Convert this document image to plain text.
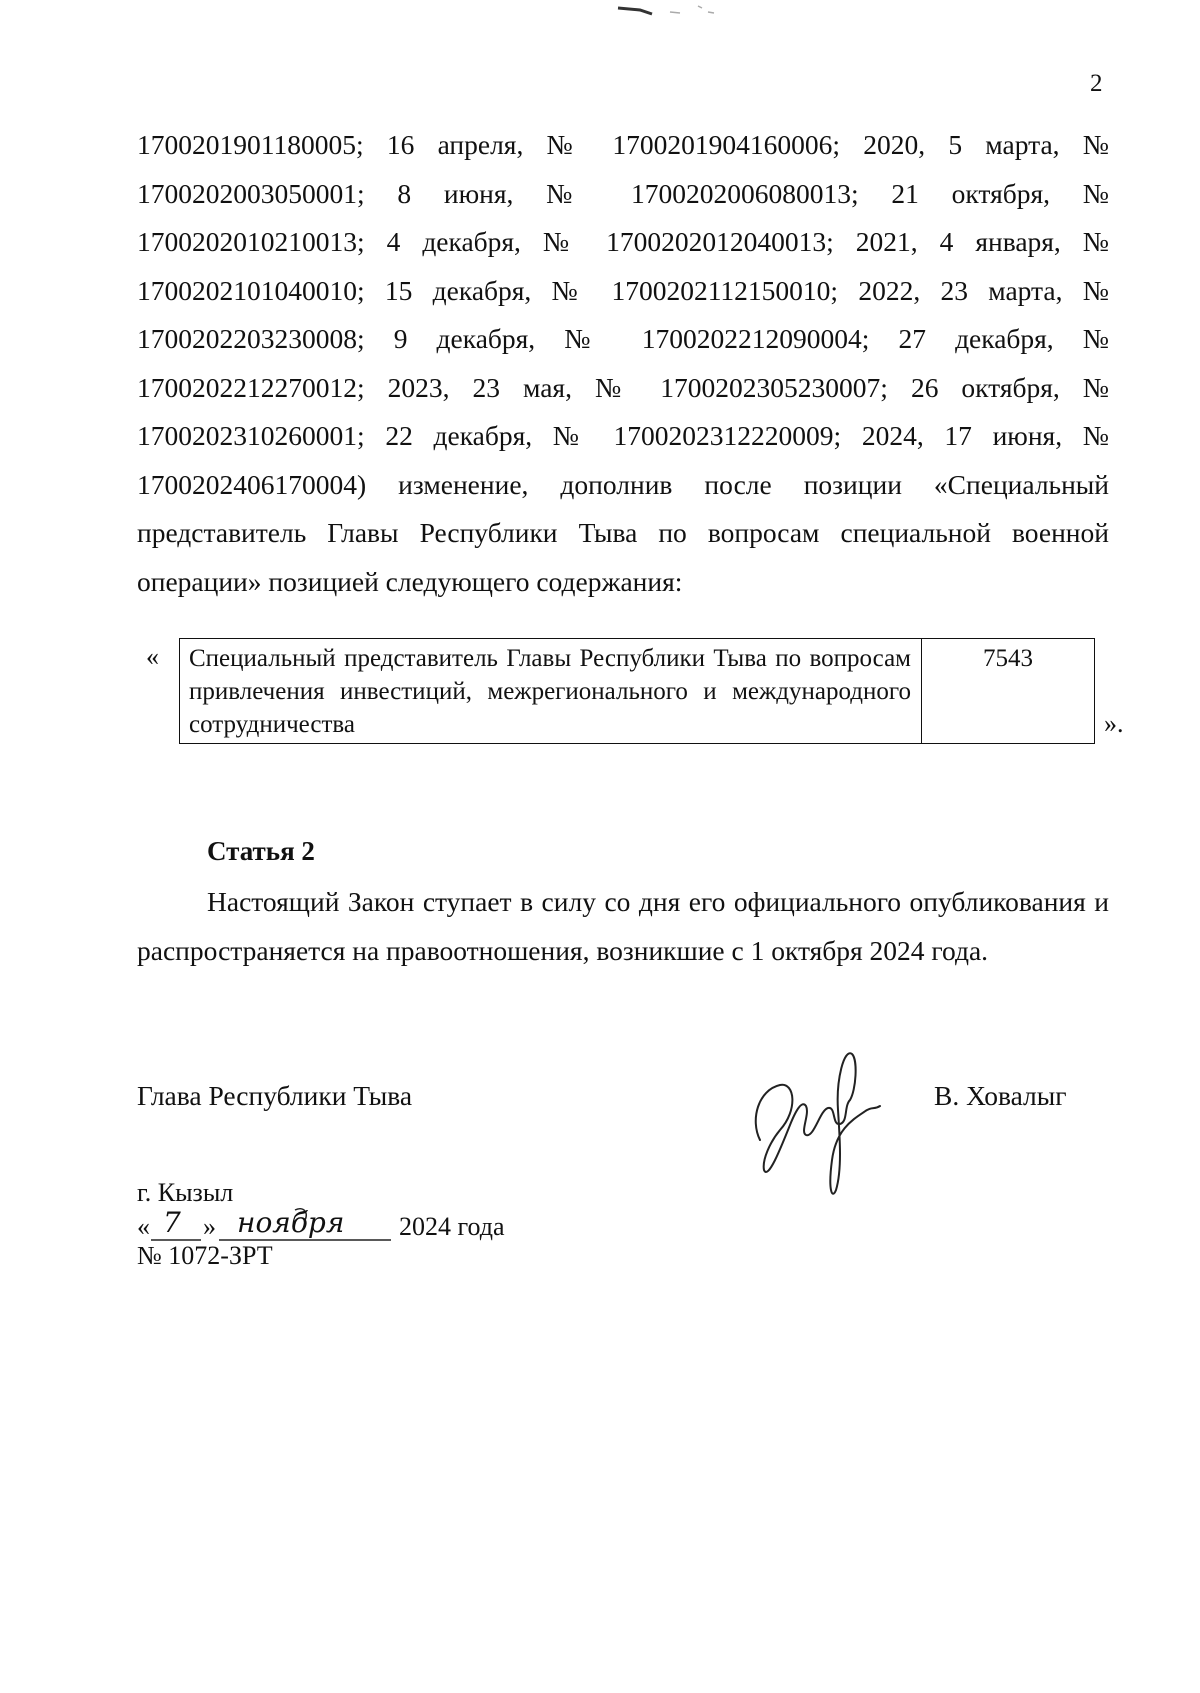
2

1700201901180005; 16 апреля, № 1700201904160006; 2020, 5 марта, № 1700202003050001; 8 июня, № 1700202006080013; 21 октября, № 1700202010210013; 4 декабря, № 1700202012040013; 2021, 4 января, № 1700202101040010; 15 декабря, № 1700202112150010; 2022, 23 марта, № 1700202203230008; 9 декабря, № 1700202212090004; 27 декабря, № 1700202212270012; 2023, 23 мая, № 1700202305230007; 26 октября, № 1700202310260001; 22 декабря, № 1700202312220009; 2024, 17 июня, № 1700202406170004) изменение, дополнив после позиции «Специальный представитель Главы Республики Тыва по вопросам специальной военной операции» позицией следующего содержания:

« Специальный представитель Главы Республики Тыва по вопросам привлечения инвестиций, межрегионального и международного сотрудничества	7543
».
Статья 2

Настоящий Закон ступает в силу со дня его официального опубликования и распространяется на правоотношения, возникшие с 1 октября 2024 года.

Глава Республики Тыва	В. Ховалыг
г. Кызыл
« 7 » ноября 2024 года
№ 1072-ЗРТ
